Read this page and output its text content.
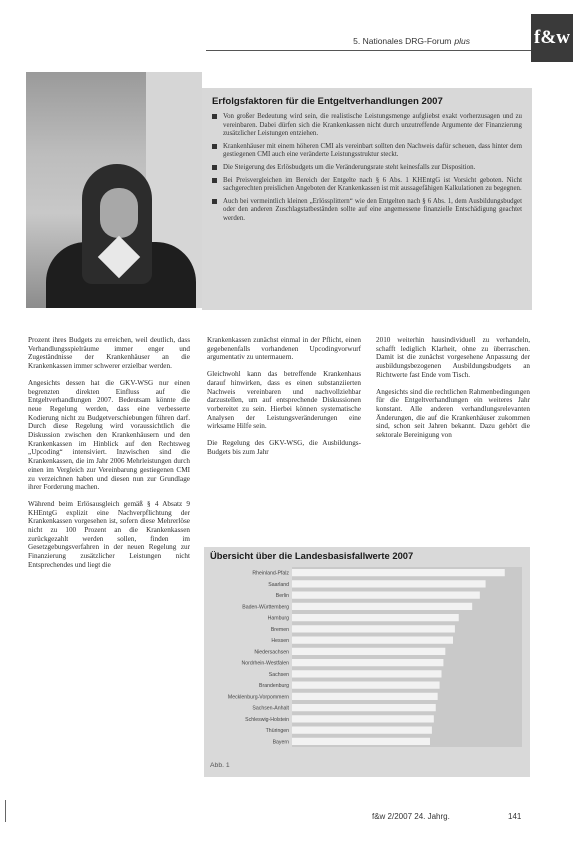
5. Nationales DRG-Forum plus	f&w
Erfolgsfaktoren für die Entgeltverhandlungen 2007
Von großer Bedeutung wird sein, die realistische Leistungsmenge aufgliebst exakt vorherzusagen und zu vereinbaren. Dabei dürfen sich die Krankenkassen nicht durch unzutreffende Argumente der Finanzierung zusätzlicher Leistungen entziehen.
Krankenhäuser mit einem höheren CMI als vereinbart sollten den Nachweis dafür scheuen, dass hinter dem gestiegenen CMI auch eine veränderte Leistungsstruktur steckt.
Die Steigerung des Erlösbudgets um die Veränderungsrate steht keinesfalls zur Disposition.
Bei Preisvergleichen im Bereich der Entgelte nach § 6 Abs. 1 KHEntgG ist Vorsicht geboten. Nicht sachgerechten preislichen Angeboten der Krankenkassen ist mit aussagefähigen Kalkulationen zu begegnen.
Auch bei vermeintlich kleinen „Erlössplittern“ wie den Entgelten nach § 6 Abs. 1, dem Ausbildungsbudget oder den anderen Zuschlagstatbeständen sollte auf eine angemessene finanzielle Entschädigung geachtet werden.

Prozent ihres Budgets zu erreichen, weil deutlich, dass Verhandlungsspielräume immer enger und Zugeständnisse der Krankenhäuser an die Krankenkassen immer schwerer erzielbar werden.

Angesichts dessen hat die GKV-WSG nur einen begrenzten direkten Einfluss auf die Entgeltverhandlungen 2007. Bedeutsam könnte die neue Regelung werden, dass eine verbesserte Kodierung nicht zu Budgetverschiebungen führen darf. Durch diese Regelung wird voraussichtlich die Diskussion zwischen den Krankenhäusern und den Krankenkassen im Hinblick auf den Rechtsweg „Upcoding“ intensiviert. Inzwischen sind die Krankenkassen, die im Jahr 2006 Mehrleistungen durch einen im Vergleich zur Vereinbarung gestiegenen CMI zu verzeichnen haben und diesen nun zur Grundlage ihrer Forderung machen.

Während beim Erlösausgleich gemäß § 4 Absatz 9 KHEntgG explizit eine Nachverpflichtung der Krankenkassen vorgesehen ist, sofern diese Mehrerlöse nicht zu 100 Prozent an die Krankenkassen zurückgezahlt werden sollen, finden im Gesetzgebungsverfahren in der neuen Regelung zur Finanzierung zusätzlicher Leistungen nicht Entsprechendes und liegt die

Krankenkassen zunächst einmal in der Pflicht, einen gegebenenfalls vorhandenen Upcodingvorwurf argumentativ zu untermauern.

Gleichwohl kann das betreffende Krankenhaus darauf hinwirken, dass es einen substanziierten Nachweis vereinbaren und nachvollziehbar darzustellen, um auf entsprechende Diskussionen vorbereitet zu sein. Hierbei können systematische Analysen der Leistungsveränderungen eine wirksame Hilfe sein.

Die Regelung des GKV-WSG, die Ausbildungs-Budgets bis zum Jahr

2010 weiterhin hausindividuell zu verhandeln, schafft lediglich Klarheit, ohne zu überraschen. Damit ist die zunächst vorgesehene Anpassung der ausbildungsbezogenen Ausbildungsbudgets an Richtwerte fast Ende vom Tisch.

Angesichts sind die rechtlichen Rahmenbedingungen für die Entgeltverhandlungen ein weiteres Jahr konstant. Alle anderen verhandlungsrelevanten Änderungen, die auf die Krankenhäuser zukommen sind, schon seit Jahren bekannt. Dazu gehört die sektorale Bereinigung von

Übersicht über die Landesbasisfallwerte 2007
Rheinland-Pfalz
Saarland
Berlin
Baden-Württemberg
Hamburg
Bremen
Hessen
Niedersachsen
Nordrhein-Westfalen
Sachsen
Brandenburg
Mecklenburg-Vorpommern
Sachsen-Anhalt
Schleswig-Holstein
Thüringen
Bayern
Abb. 1
f&w 2/2007 24. Jahrg.	141
